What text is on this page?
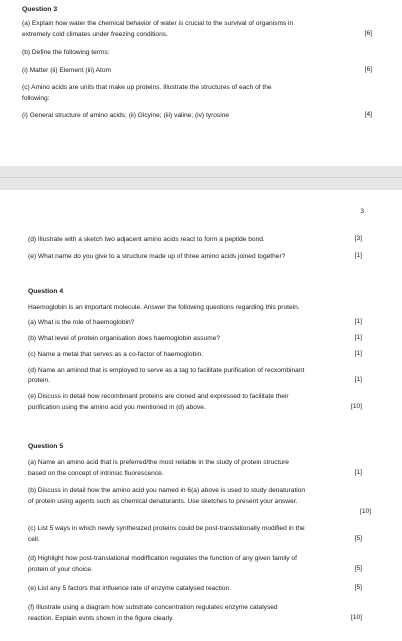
Question 3
(a) Explain how water the chemical behavior of water is crucial to the survival of organisms in
extremely cold climates under freezing conditions.	[6]
(b) Define the following terms:
(i) Matter (ii) Element (iii) Atom	[6]
(c) Amino acids are units that make up proteins. Illustrate the structures of each of the
following:
(i) General structure of amino acids; (ii) Glcyine; (iii) valine; (iv) tyrosine	[4]
3
(d) Illustrate with a sketch two adjacent amino acids react to form a peptide bond.	[3]
(e) What name do you give to a structure made up of three amino acids joined together?	[1]
Question 4
Haemoglobin is an important molecule. Answer the following questions regarding this protein.
(a) What is the role of haemoglobin?	[1]
(b) What level of protein organisation does haemoglobin assume?	[1]
(c) Name a metal that serves as a co-factor of haemoglobin.	[1]
(d) Name an aminod that is employed to serve as a tag to facilitate purification of recxombinant
protein.	[1]
(e) Discuss in detail how recombinant proteins are cloned and expressed to facilitate their
purification using the amino acid you mentioned in (d) above.	[10]
Question 5
(a) Name an amino acid that is preferred/the most reliable in the study of protein structure
based on the concept of intrinsic fluorescence.	[1]
(b) Discuss in detail how the amino acid you named in 6(a) above is used to study denaturation
of protein using agents such as chemical denaturants. Use sketches to present your answer.
[10]
(c) List 5 ways in which newly synthesized proteins could be post-translationally modified in the
cell.	[5]
(d) Highlight how post-translational modiffication regulates the function of any given family of
protein of your choice.	[5]
(e) List any 5 factors that influence rate of enzyme catalysed reaction.	[5]
(f) Illustrate using a diagram how substrate concentration regulates enzyme catalysed
reaction. Explain evnts shown in the figure clearly.	[10]
